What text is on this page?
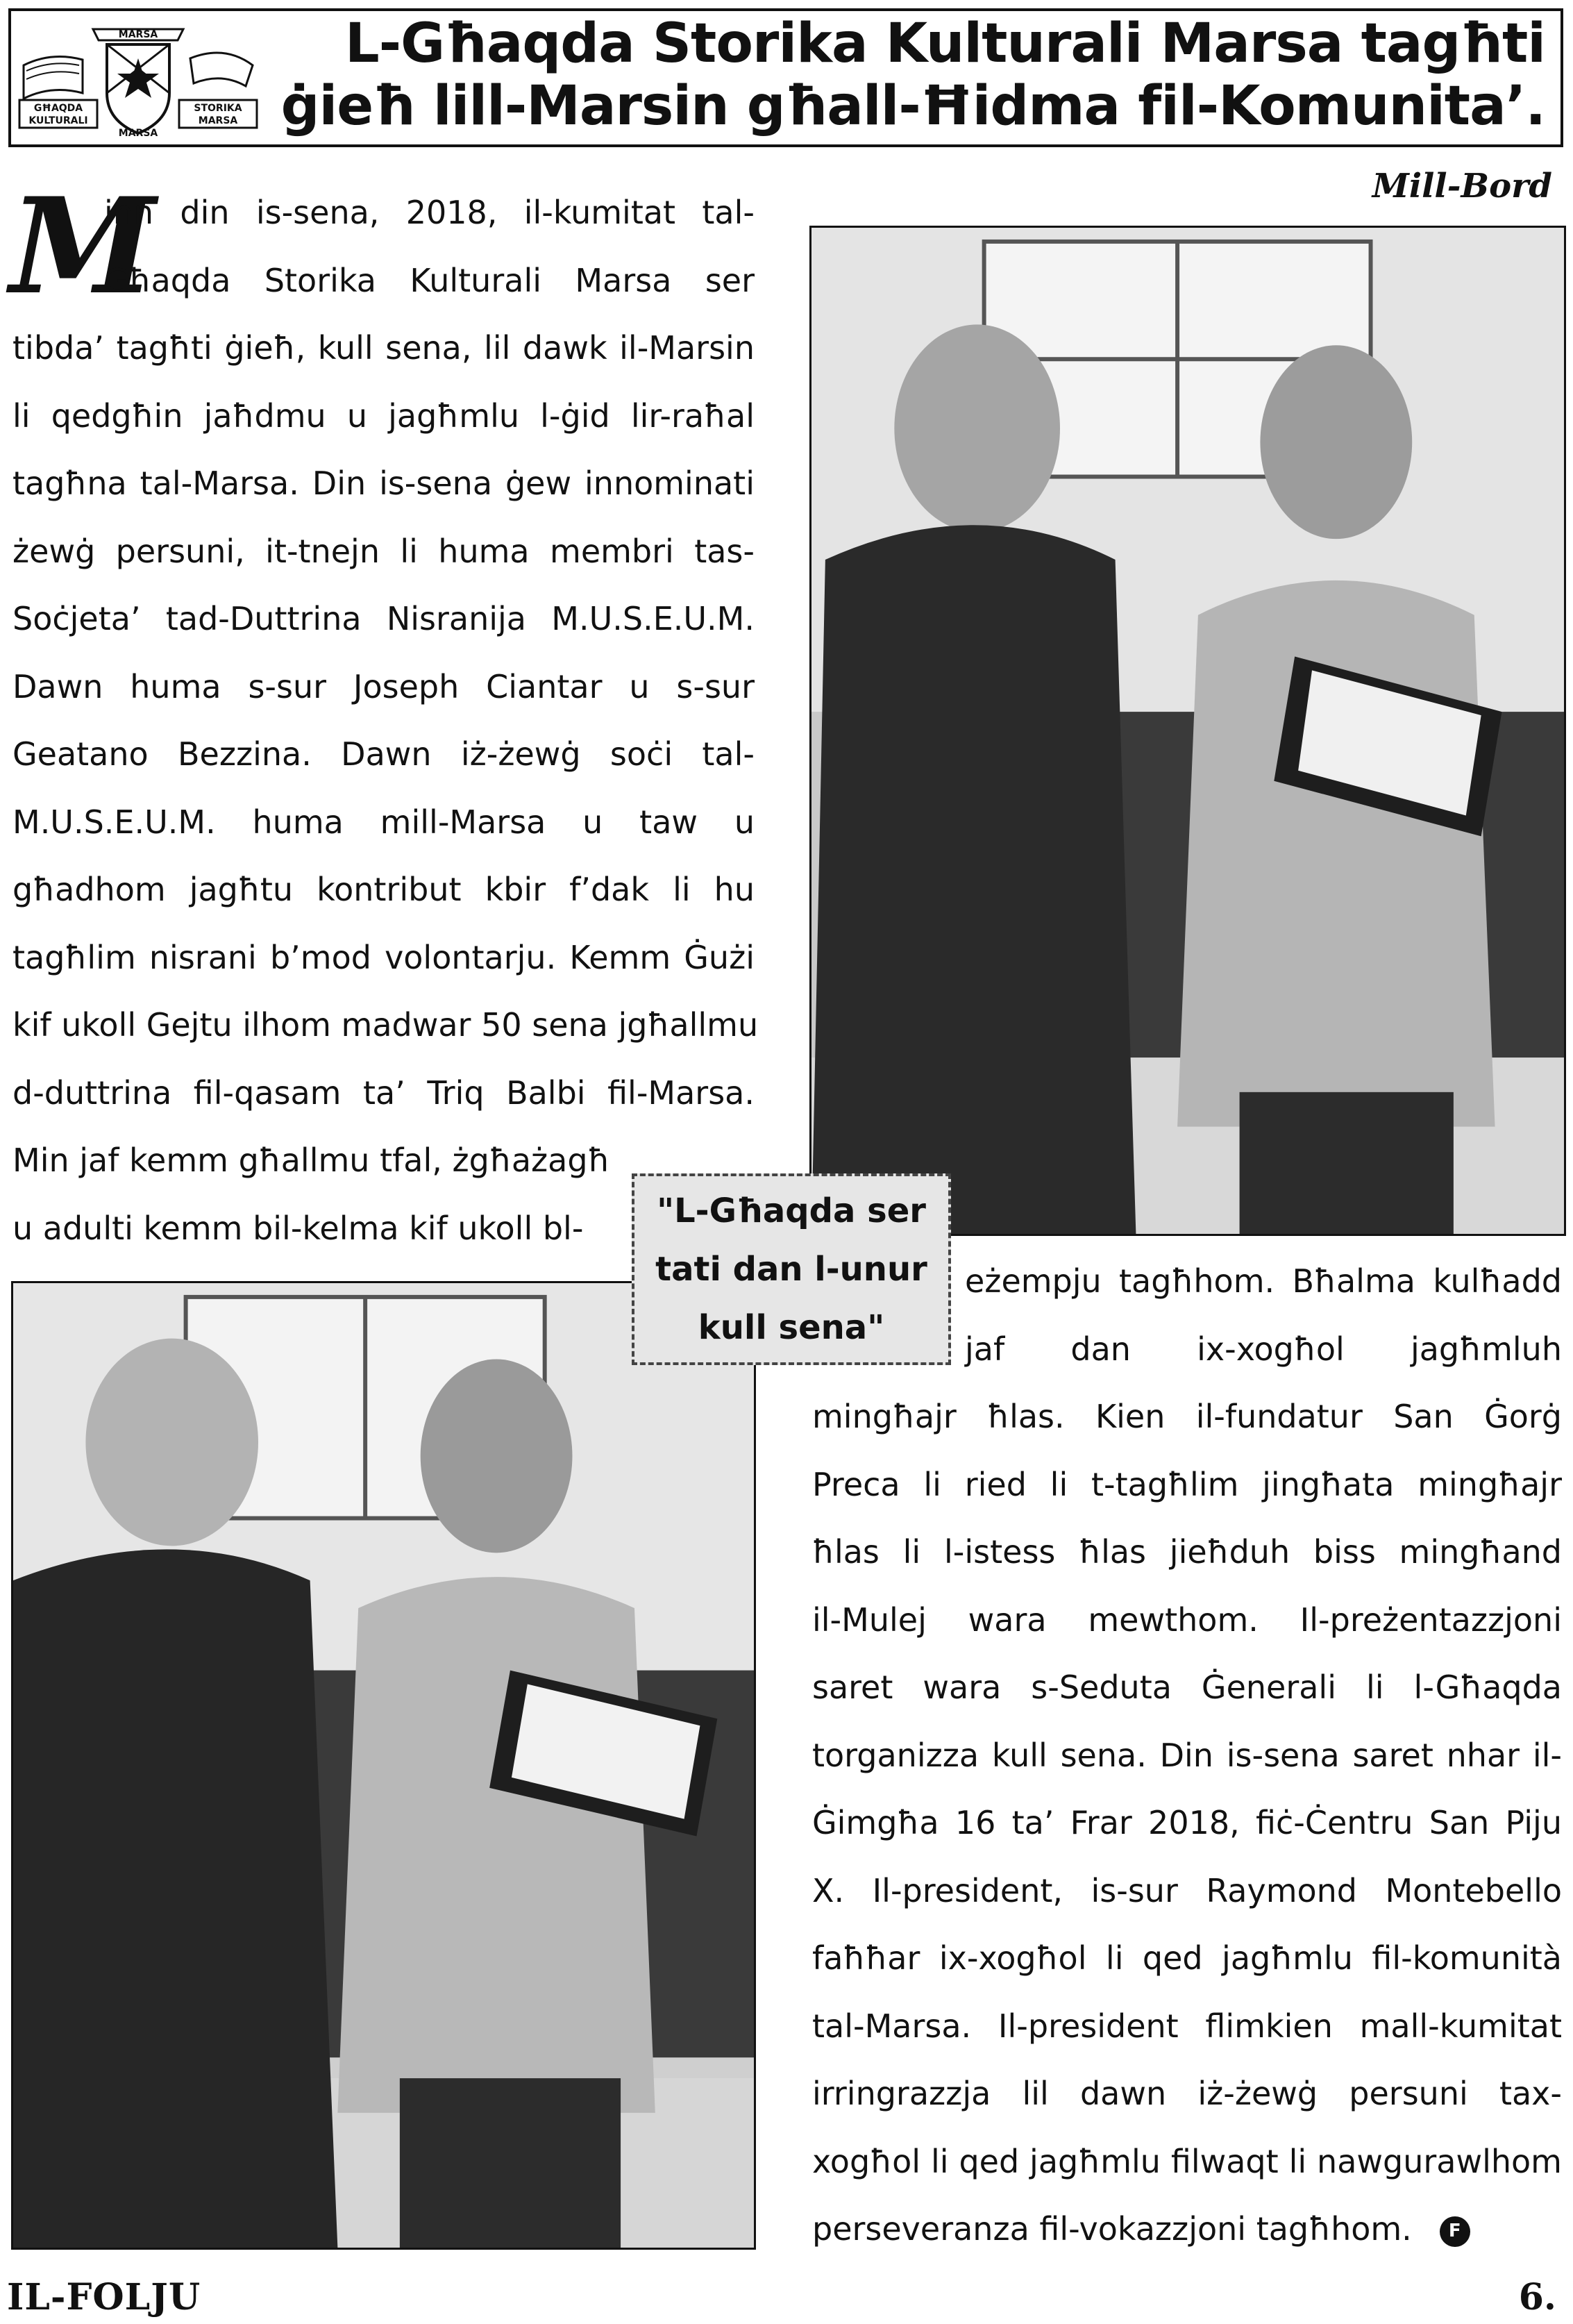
MARSA
GĦAQDA
KULTURALI
STORIKA
MARSA
MARSA
L-Għaqda Storika Kulturali Marsa tagħti
ġieħ lill-Marsin għall-Ħidma fil-Komunita’.
Mill-Bord
M
inn din is-sena, 2018, il-kumitat tal-
Għaqda Storika Kulturali Marsa ser
tibda’ tagħti ġieħ, kull sena, lil dawk il-Marsin
li qedgħin jaħdmu u jagħmlu l-ġid lir-raħal
tagħna tal-Marsa. Din is-sena ġew innominati
żewġ persuni, it-tnejn li huma membri tas-
Soċjeta’ tad-Duttrina Nisranija M.U.S.E.U.M.
Dawn huma s-sur Joseph Ciantar u s-sur
Geatano Bezzina. Dawn iż-żewġ soċi tal-
M.U.S.E.U.M. huma mill-Marsa u taw u
għadhom jagħtu kontribut kbir f’dak li hu
tagħlim nisrani b’mod volontarju. Kemm Ġużi
kif ukoll Gejtu ilhom madwar 50 sena jgħallmu
d-duttrina fil-qasam ta’ Triq Balbi fil-Marsa.
Min jaf kemm għallmu tfal, żgħażagħ
u adulti kemm bil-kelma kif ukoll bl-	"L-Għaqda ser
tati dan l-unur
kull sena"
eżempju tagħhom. Bħalma kulħadd
jaf dan ix-xogħol jagħmluh
mingħajr ħlas. Kien il-fundatur San Ġorġ
Preca li ried li t-tagħlim jingħata mingħajr
ħlas li l-istess ħlas jieħduh biss mingħand
il-Mulej wara mewthom. Il-preżentazzjoni
saret wara s-Seduta Ġenerali li l-Għaqda
torganizza kull sena. Din is-sena saret nhar il-
Ġimgħa 16 ta’ Frar 2018, fiċ-Ċentru San Piju
X. Il-president, is-sur Raymond Montebello
faħħar ix-xogħol li qed jagħmlu fil-komunità
tal-Marsa. Il-president flimkien mall-kumitat
irringrazzja lil dawn iż-żewġ persuni tax-
xogħol li qed jagħmlu filwaqt li nawgurawlhom
perseveranza fil-vokazzjoni tagħhom. F
IL-FOLJU	6.
